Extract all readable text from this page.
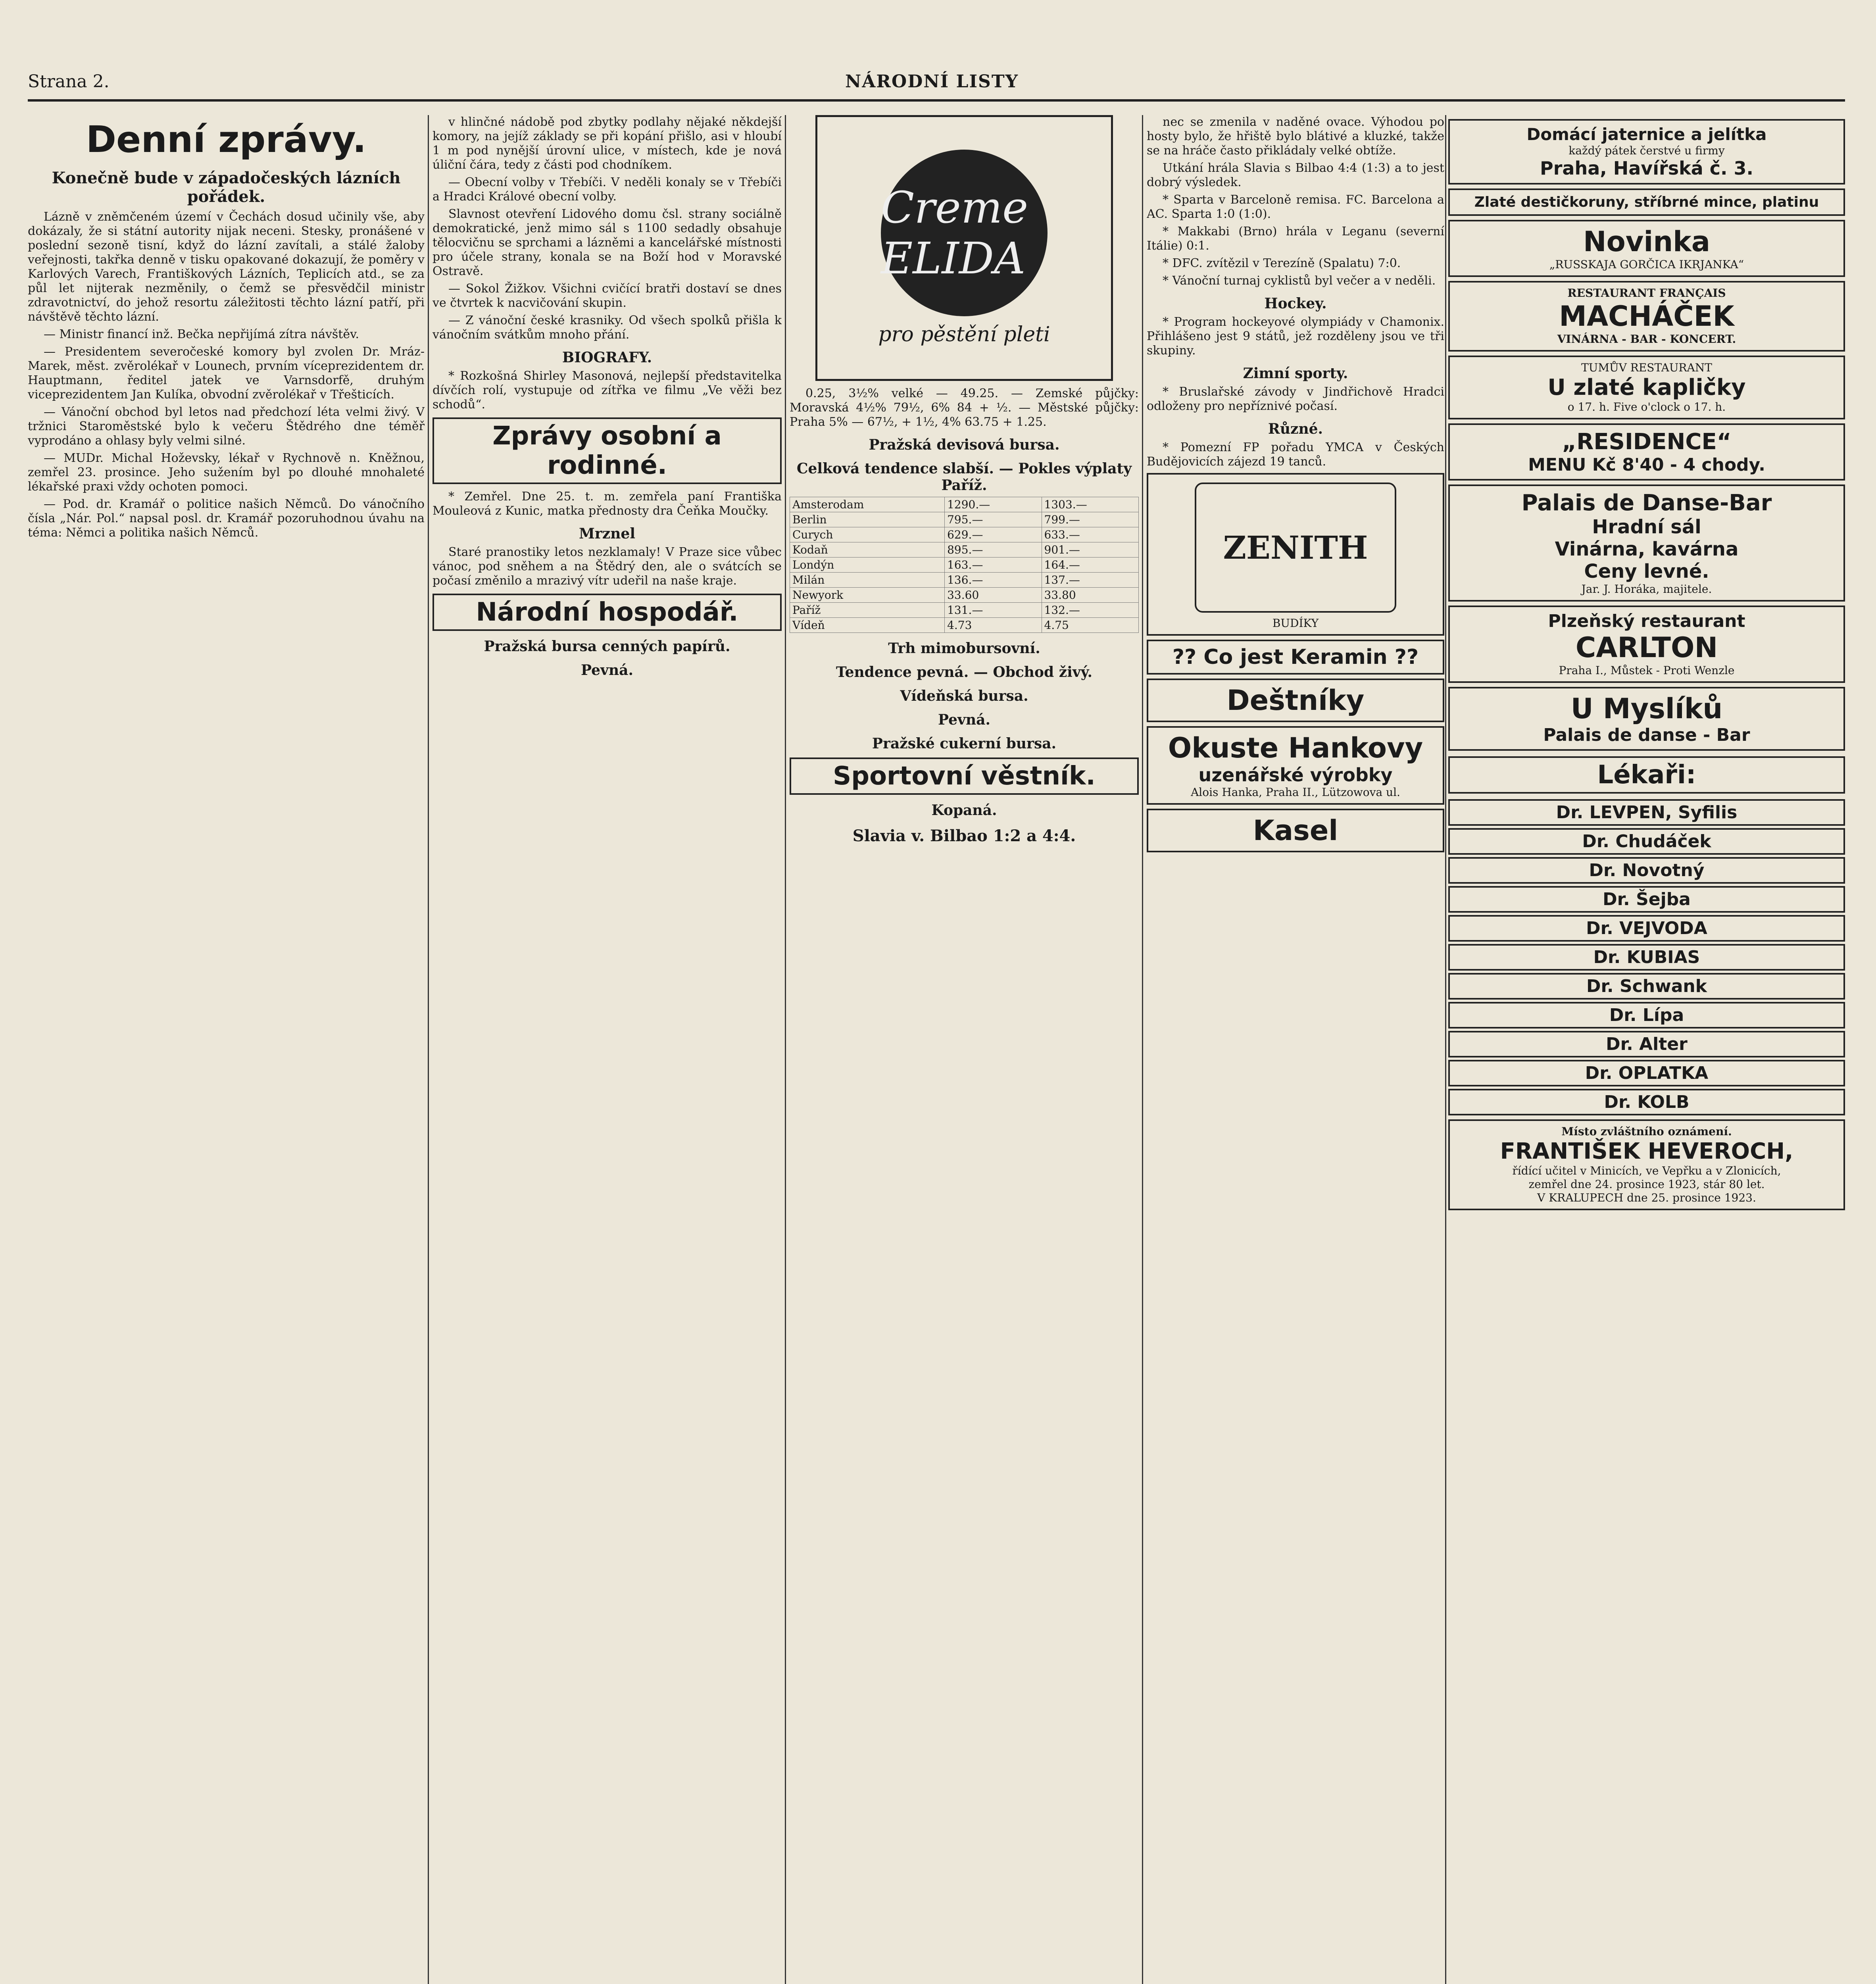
Strana 2.	NÁRODNÍ LISTY
Denní zprávy.
Konečně bude v západočeských lázních pořádek.

Lázně v zněmčeném území v Čechách dosud učinily vše, aby dokázaly, že si státní autority nijak neceni. Stesky, pronášené v poslední sezoně tisní, když do lázní zavítali, a stálé žaloby veřejnosti, takřka denně v tisku opakované dokazují, že poměry v Karlových Varech, Františkových Lázních, Teplicích atd., se za půl let nijterak nezměnily, o čemž se přesvědčil ministr zdravotnictví, do jehož resortu záležitosti těchto lázní patří, při návštěvě těchto lázní.

— Ministr financí inž. Bečka nepřijímá zítra návštěv.

— Presidentem severočeské komory byl zvolen Dr. Mráz-Marek, měst. zvěrolékař v Lounech, prvním víceprezidentem dr. Hauptmann, ředitel jatek ve Varnsdorfě, druhým viceprezidentem Jan Kulíka, obvodní zvěrolékař v Třešticích.

— Vánoční obchod byl letos nad předchozí léta velmi živý. V tržnici Staroměstské bylo k večeru Štědrého dne téměř vyprodáno a ohlasy byly velmi silné.

— MUDr. Michal Hoževsky, lékař v Rychnově n. Kněžnou, zemřel 23. prosince. Jeho sužením byl po dlouhé mnohaleté lékařské praxi vždy ochoten pomoci.

— Pod. dr. Kramář o politice našich Němců. Do vánočního čísla „Nár. Pol.“ napsal posl. dr. Kramář pozoruhodnou úvahu na téma: Němci a politika našich Němců.

v hlinčné nádobě pod zbytky podlahy nějaké někdejší komory, na jejíž základy se při kopání přišlo, asi v hloubí 1 m pod nynější úrovní ulice, v místech, kde je nová úliční čára, tedy z části pod chodníkem.

— Obecní volby v Třebíči. V neděli konaly se v Třebíči a Hradci Králové obecní volby.

Slavnost otevření Lidového domu čsl. strany sociálně demokratické, jenž mimo sál s 1100 sedadly obsahuje tělocvičnu se sprchami a lázněmi a kancelářské místnosti pro účele strany, konala se na Boží hod v Moravské Ostravě.

— Sokol Žižkov. Všichni cvičící bratři dostaví se dnes ve čtvrtek k nacvičování skupin.

— Z vánoční české krasniky. Od všech spolků přišla k vánočním svátkům mnoho přání.

BIOGRAFY.

* Rozkošná Shirley Masonová, nejlepší představitelka dívčích rolí, vystupuje od zítřka ve filmu „Ve věži bez schodů“.

Zprávy osobní a rodinné.

* Zemřel. Dne 25. t. m. zemřela paní Františka Mouleová z Kunic, matka přednosty dra Čeňka Moučky.

Mrznel

Staré pranostiky letos nezklamaly! V Praze sice vůbec vánoc, pod sněhem a na Štědrý den, ale o svátcích se počasí změnilo a mrazivý vítr udeřil na naše kraje.

Národní hospodář.
Pražská bursa cenných papírů.
Pevná.
Creme ELIDA
pro pěstění pleti

0.25, 3½% velké — 49.25. — Zemské půjčky: Moravská 4½% 79½, 6% 84 + ½. — Městské půjčky: Praha 5% — 67½, + 1½, 4% 63.75 + 1.25.

Pražská devisová bursa.
Celková tendence slabší. — Pokles výplaty Paříž.
Amsterodam	1290.—	1303.—
Berlin	795.—	799.—
Curych	629.—	633.—
Kodaň	895.—	901.—
Londýn	163.—	164.—
Milán	136.—	137.—
Newyork	33.60	33.80
Paříž	131.—	132.—
Vídeň	4.73	4.75
Trh mimobursovní.
Tendence pevná. — Obchod živý.
Vídeňská bursa.
Pevná.
Pražské cukerní bursa.
Sportovní věstník.
Kopaná.
Slavia v. Bilbao 1:2 a 4:4.

nec se zmenila v naděné ovace. Výhodou po hosty bylo, že hřiště bylo blátivé a kluzké, takže se na hráče často přikládaly velké obtíže.

Utkání hrála Slavia s Bilbao 4:4 (1:3) a to jest dobrý výsledek.

* Sparta v Barceloně remisa. FC. Barcelona a AC. Sparta 1:0 (1:0).

* Makkabi (Brno) hrála v Leganu (severní Itálie) 0:1.

* DFC. zvítězil v Terezíně (Spalatu) 7:0.

* Vánoční turnaj cyklistů byl večer a v neděli.

Hockey.

* Program hockeyové olympiády v Chamonix. Přihlášeno jest 9 států, jež rozděleny jsou ve tři skupiny.

Zimní sporty.

* Bruslařské závody v Jindřichově Hradci odloženy pro nepříznivé počasí.

Různé.

* Pomezní FP pořadu YMCA v Českých Budějovicích zájezd 19 tanců.

ZENITH
BUDÍKY
?? Co jest Keramin ??
Deštníky
Okuste Hankovy
uzenářské výrobky
Alois Hanka, Praha II., Lützowova ul.
Kasel
Domácí jaternice a jelítka
každý pátek čerstvé u firmy
Praha, Havířská č. 3.
Zlaté destičkoruny, stříbrné mince, platinu
Novinka
„RUSSKAJA GORČICA IKRJANKA“
RESTAURANT FRANÇAIS
MACHÁČEK
VINÁRNA - BAR - KONCERT.
TUMŮV RESTAURANT
U zlaté kapličky
o 17. h. Five o'clock o 17. h.
„RESIDENCE“
MENU Kč 8'40 - 4 chody.
Palais de Danse-Bar
Hradní sál
Vinárna, kavárna
Ceny levné.
Jar. J. Horáka, majitele.
Plzeňský restaurant
CARLTON
Praha I., Můstek - Proti Wenzle
U Myslíků
Palais de danse - Bar
Lékaři:
Dr. LEVPEN, Syfilis
Dr. Chudáček
Dr. Novotný
Dr. Šejba
Dr. VEJVODA
Dr. KUBIAS
Dr. Schwank
Dr. Lípa
Dr. Alter
Dr. OPLATKA
Dr. KOLB
Místo zvláštního oznámení.
FRANTIŠEK HEVEROCH,
řídící učitel v Minicích, ve Vepřku a v Zlonicích,
zemřel dne 24. prosince 1923, stár 80 let.
V KRALUPECH dne 25. prosince 1923.
